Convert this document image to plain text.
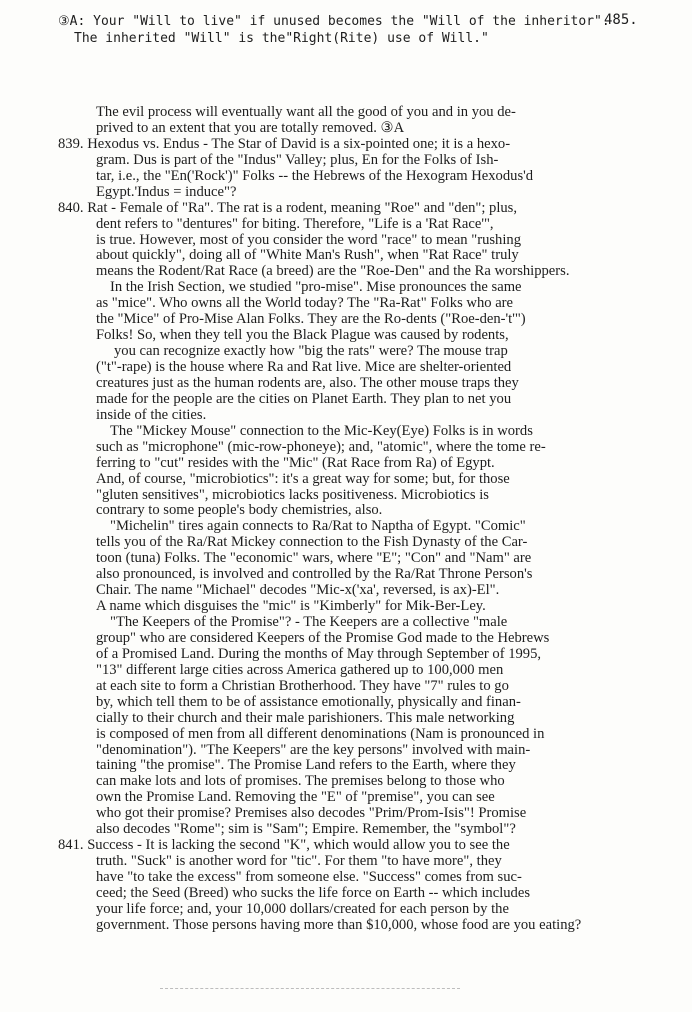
③A: Your "Will to live" if unused becomes the "Will of the inheritor".
The inherited "Will" is the"Right(Rite) use of Will."
485.
The evil process will eventually want all the good of you and in you de-
prived to an extent that you are totally removed. ③A
839. Hexodus vs. Endus - The Star of David is a six-pointed one; it is a hexo-
gram. Dus is part of the "Indus" Valley; plus, En for the Folks of Ish-
tar, i.e., the "En('Rock')" Folks -- the Hebrews of the Hexogram Hexodus'd
Egypt.'Indus = induce"?
840. Rat - Female of "Ra". The rat is a rodent, meaning "Roe" and "den"; plus,
dent refers to "dentures" for biting. Therefore, "Life is a 'Rat Race'",
is true. However, most of you consider the word "race" to mean "rushing
about quickly", doing all of "White Man's Rush", when "Rat Race" truly
means the Rodent/Rat Race (a breed) are the "Roe-Den" and the Ra worshippers.
In the Irish Section, we studied "pro-mise". Mise pronounces the same
as "mice". Who owns all the World today? The "Ra-Rat" Folks who are
the "Mice" of Pro-Mise Alan Folks. They are the Ro-dents ("Roe-den-'t'")
Folks! So, when they tell you the Black Plague was caused by rodents,
you can recognize exactly how "big the rats" were? The mouse trap
("t"-rape) is the house where Ra and Rat live. Mice are shelter-oriented
creatures just as the human rodents are, also. The other mouse traps they
made for the people are the cities on Planet Earth. They plan to net you
inside of the cities.
The "Mickey Mouse" connection to the Mic-Key(Eye) Folks is in words
such as "microphone" (mic-row-phoneye); and, "atomic", where the tome re-
ferring to "cut" resides with the "Mic" (Rat Race from Ra) of Egypt.
And, of course, "microbiotics": it's a great way for some; but, for those
"gluten sensitives", microbiotics lacks positiveness. Microbiotics is
contrary to some people's body chemistries, also.
"Michelin" tires again connects to Ra/Rat to Naptha of Egypt. "Comic"
tells you of the Ra/Rat Mickey connection to the Fish Dynasty of the Car-
toon (tuna) Folks. The "economic" wars, where "E"; "Con" and "Nam" are
also pronounced, is involved and controlled by the Ra/Rat Throne Person's
Chair. The name "Michael" decodes "Mic-x('xa', reversed, is ax)-El".
A name which disguises the "mic" is "Kimberly" for Mik-Ber-Ley.
"The Keepers of the Promise"? - The Keepers are a collective "male
group" who are considered Keepers of the Promise God made to the Hebrews
of a Promised Land. During the months of May through September of 1995,
"13" different large cities across America gathered up to 100,000 men
at each site to form a Christian Brotherhood. They have "7" rules to go
by, which tell them to be of assistance emotionally, physically and finan-
cially to their church and their male parishioners. This male networking
is composed of men from all different denominations (Nam is pronounced in
"denomination"). "The Keepers" are the key persons" involved with main-
taining "the promise". The Promise Land refers to the Earth, where they
can make lots and lots of promises. The premises belong to those who
own the Promise Land. Removing the "E" of "premise", you can see
who got their promise? Premises also decodes "Prim/Prom-Isis"! Promise
also decodes "Rome"; sim is "Sam"; Empire. Remember, the "symbol"?
841. Success - It is lacking the second "K", which would allow you to see the
truth. "Suck" is another word for "tic". For them "to have more", they
have "to take the excess" from someone else. "Success" comes from suc-
ceed; the Seed (Breed) who sucks the life force on Earth -- which includes
your life force; and, your 10,000 dollars/created for each person by the
government. Those persons having more than $10,000, whose food are you eating?
